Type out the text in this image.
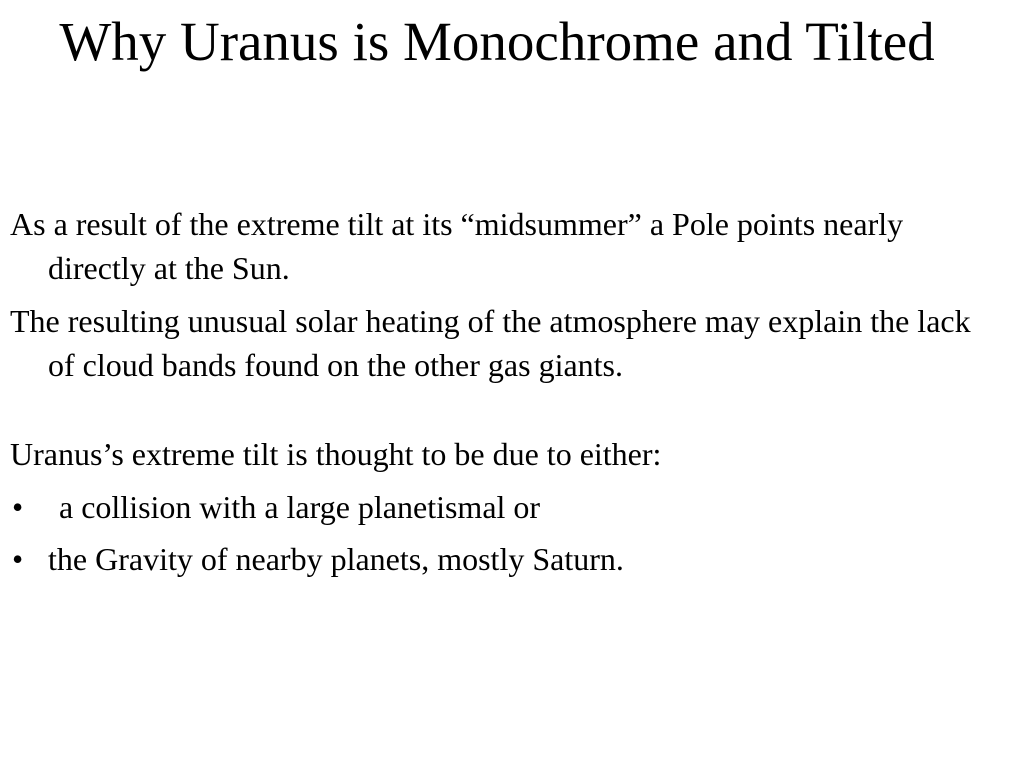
Why Uranus is Monochrome and Tilted

As a result of the extreme tilt at its “midsummer” a Pole points nearly directly at the Sun.

The resulting unusual solar heating of the atmosphere may explain the lack of cloud bands found on the other gas giants.

Uranus’s extreme tilt is thought to be due to either:

• a collision with a large planetismal or
• the Gravity of nearby planets, mostly Saturn.
